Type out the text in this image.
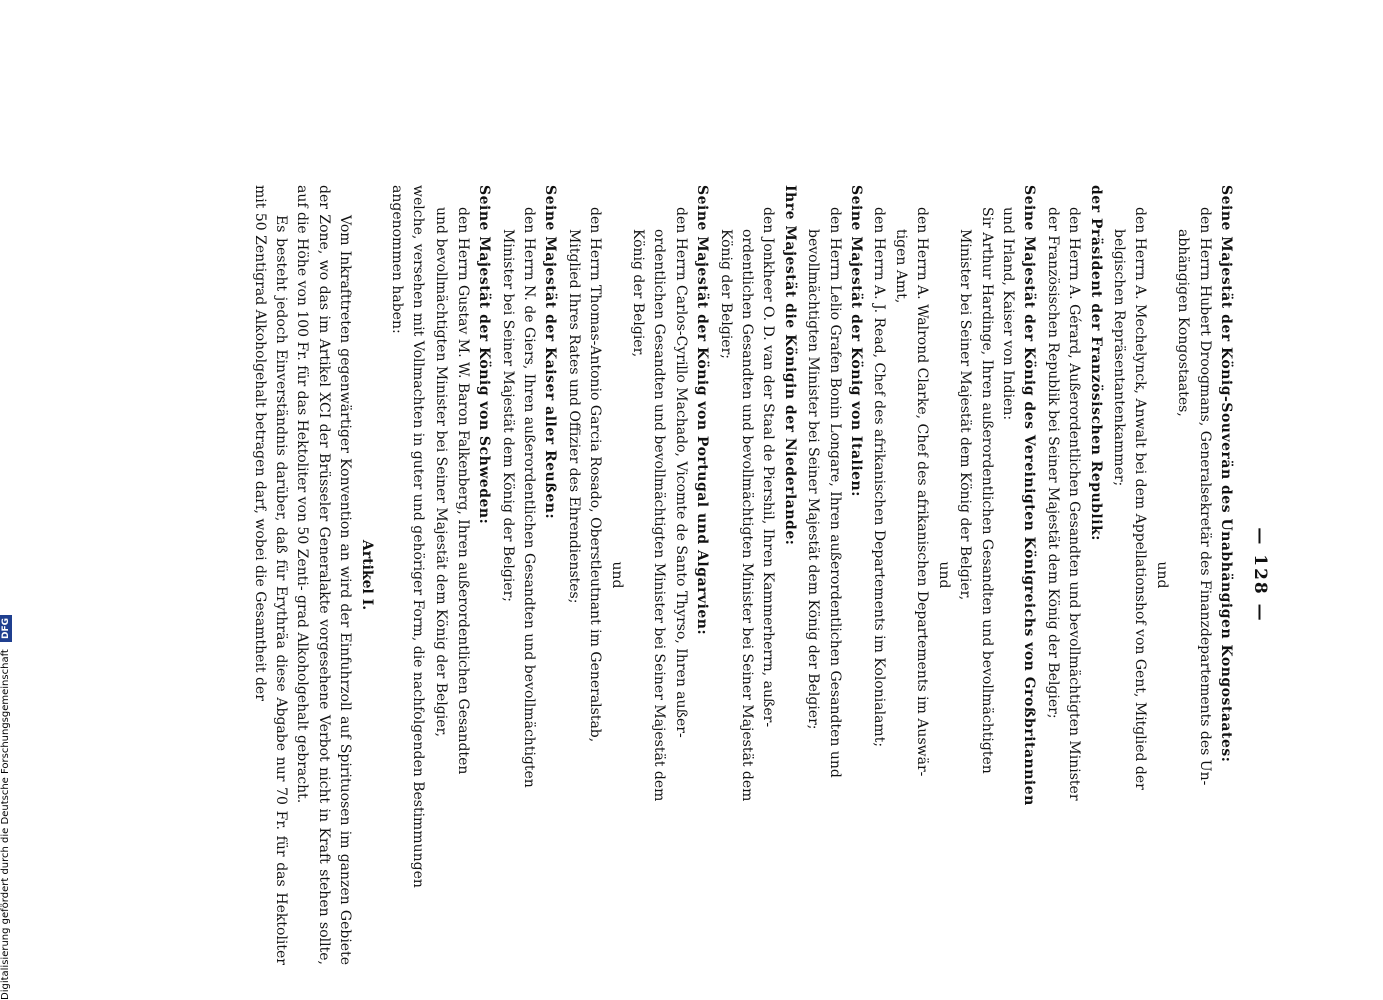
— 128 —
Seine Majestät der König-Souverän des Unabhängigen Kongostaates:
den Herrn Hubert Droogmans, Generalsekretär des Finanzdepartements des Un-
abhängigen Kongostaates,
und
den Herrn A. Mechelynck, Anwalt bei dem Appellationshof von Gent, Mitglied der
belgischen Repräsentantenkammer;
der Präsident der Französischen Republik:
den Herrn A. Gérard, Außerordentlichen Gesandten und bevollmächtigten Minister
der Französischen Republik bei Seiner Majestät dem König der Belgier;
Seine Majestät der König des Vereinigten Königreichs von Großbritannien
und Irland, Kaiser von Indien:
Sir Arthur Hardinge, Ihren außerordentlichen Gesandten und bevollmächtigten
Minister bei Seiner Majestät dem König der Belgier,
und
den Herrn A. Walrond Clarke, Chef des afrikanischen Departements im Auswär-
tigen Amt,
den Herrn A. J. Read, Chef des afrikanischen Departements im Kolonialamt;
Seine Majestät der König von Italien:
den Herrn Lelio Grafen Bonin Longare, Ihren außerordentlichen Gesandten und
bevollmächtigten Minister bei Seiner Majestät dem König der Belgier;
Ihre Majestät die Königin der Niederlande:
den Jonkheer O. D. van der Staal de Piershil, Ihren Kammerherrn, außer-
ordentlichen Gesandten und bevollmächtigten Minister bei Seiner Majestät dem
König der Belgier;
Seine Majestät der König von Portugal und Algarvien:
den Herrn Carlos-Cyrillo Machado, Vicomte de Santo Thyrso, Ihren außer-
ordentlichen Gesandten und bevollmächtigten Minister bei Seiner Majestät dem
König der Belgier,
und
den Herrn Thomas-Antonio Garcia Rosado, Oberstleutnant im Generalstab,
Mitglied Ihres Rates und Offizier des Ehrendienstes;
Seine Majestät der Kaiser aller Reußen:
den Herrn N. de Giers, Ihren außerordentlichen Gesandten und bevollmächtigten
Minister bei Seiner Majestät dem König der Belgier;
Seine Majestät der König von Schweden:
den Herrn Gustav M. W. Baron Falkenberg, Ihren außerordentlichen Gesandten
und bevollmächtigten Minister bei Seiner Majestät dem König der Belgier,
welche, versehen mit Vollmachten in guter und gehöriger Form, die nachfolgenden Bestimmungen
angenommen haben:
Artikel I.
Vom Inkrafttreten gegenwärtiger Konvention an wird der Einfuhrzoll auf Spirituosen im ganzen Gebiete der Zone, wo das im Artikel XCI der Brüsseler Generalakte vorgesehene Verbot nicht in Kraft stehen sollte, auf die Höhe von 100 Fr. für das Hektoliter von 50 Zenti- grad Alkoholgehalt gebracht.
Es besteht jedoch Einverständnis darüber, daß für Erythräa diese Abgabe nur 70 Fr. für das Hektoliter mit 50 Zentigrad Alkoholgehalt betragen darf, wobei die Gesamtheit der
Digitalisierung gefördert durch die Deutsche Forschungsgemeinschaft DFG
